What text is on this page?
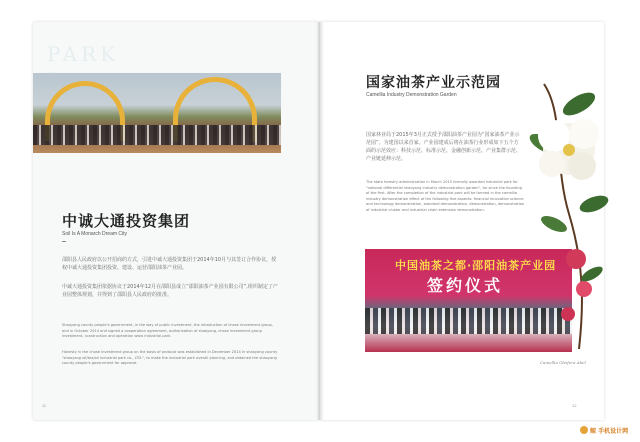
PARK
中诚大通投资集团
Soil Is A Monarch Dream City
邵阳县人民政府以公开招商的方式，引进中诚大通投资集团于2014年10月与其签订合作协议，授权中诚大通投资集团投资、建设、运营邵阳油茶产业园。
中诚大通投资集团依据协议于2014年12月在邵阳县成立“邵阳油茶产业园有限公司”,组织制定了产业园整体规划，并得到了邵阳县人民政府的批准。
Shaoyang county people's government, in the way of public investment, the introduction of chase investment group, and in October 2014 and signed a cooperation agreement, authorization of shaoyang, chase investment group investment, construction and operation www industrial park.
Honesty in the chase investment group on the basis of protocol was established in December 2014 in shaoyang county "shaoyang oil/tea/oil industrial park co., LTD.", to make the industrial park overall planning, and obtained the shaoyang county people's government for approval.
国家油茶产业示范园
Camellia Industry Demonstration Garden
国家林业局于2015年3月正式授予邵阳油茶产业园为“国家油茶产业示范园”。为建国以来首家。产业园建成后将在油茶行业形成如下五个方面的示范效应：科技示范、标准示范、金融创新示范、产业集群示范、产业链延伸示范。
The state forestry administration in March 2015 formally awarded industrial park for "national differential shaoyang industry demonstration garden", for since the founding of the first. After the completion of the industrial park will be formed in the camellia industry demonstration effect of the following five aspects: financial innovation science and technology demonstration, standard demonstration, demonstration, demonstration of industrial cluster and industrial chain extension demonstration.
中国油茶之都·邵阳油茶产业园
签约仪式
Camellia Oleifera Abel
11	12
鲸 手机设计网
